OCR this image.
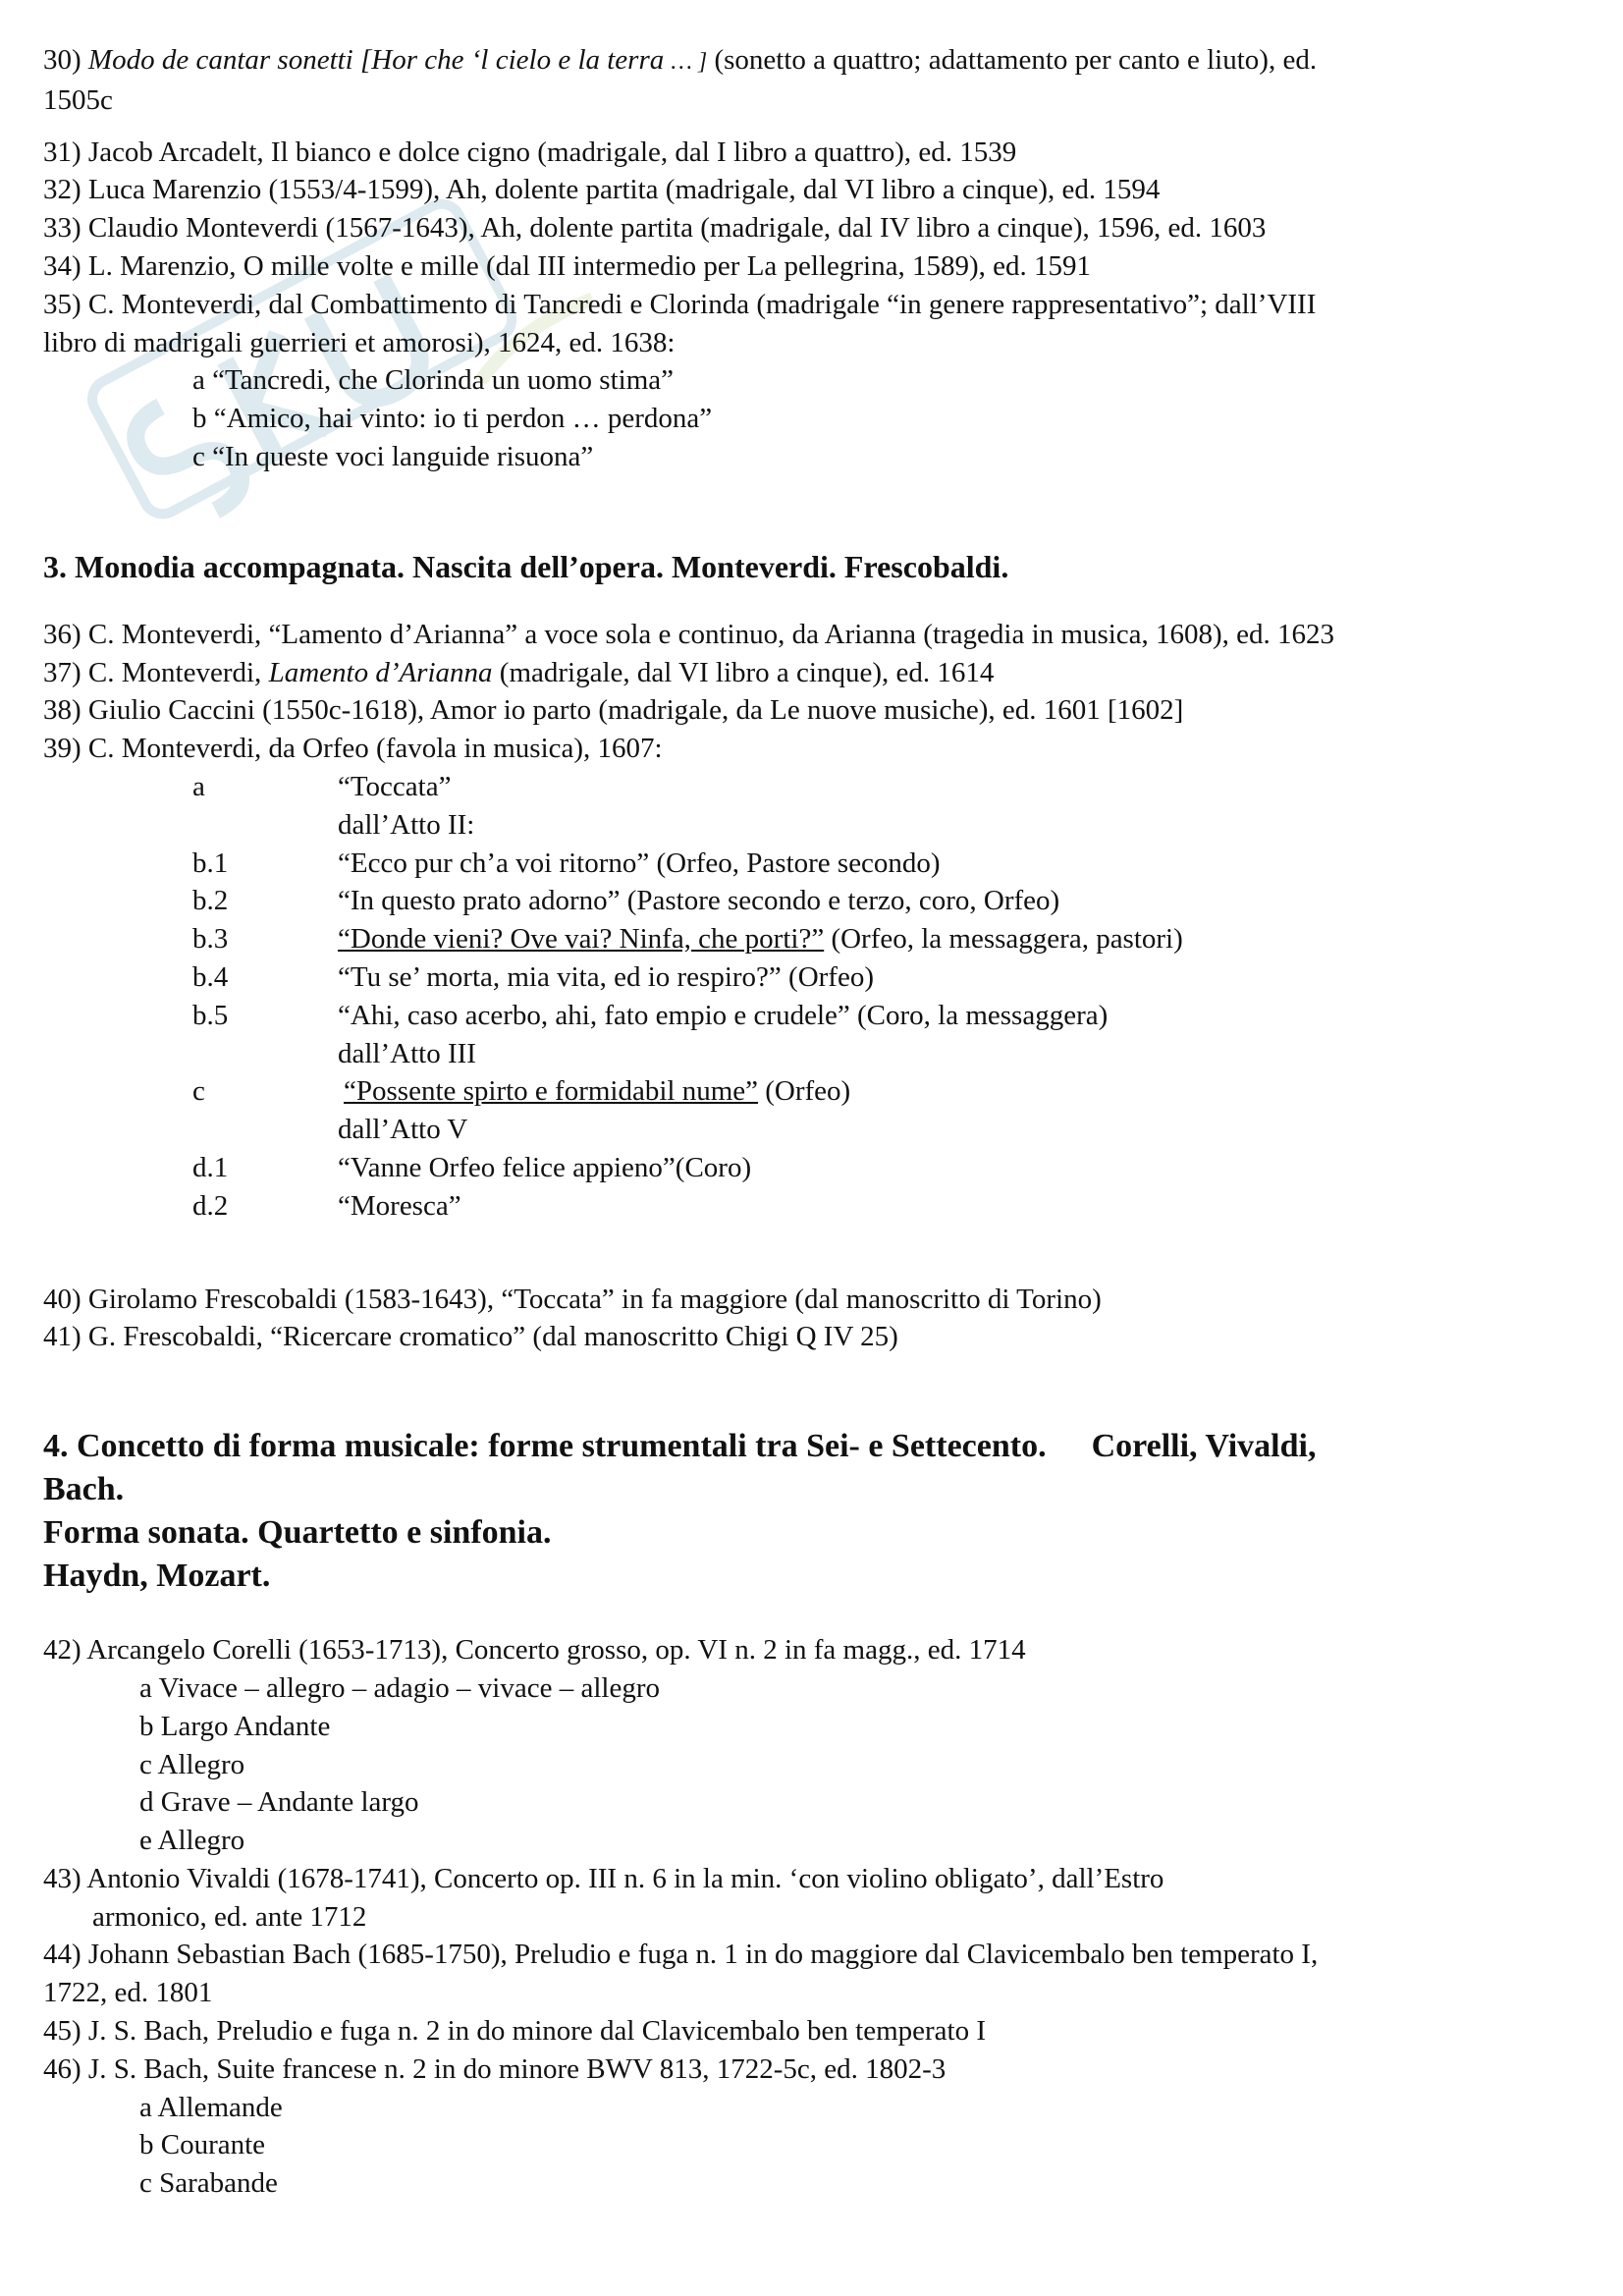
30) Modo de cantar sonetti [Hor che ‘l cielo e la terra … ] (sonetto a quattro; adattamento per canto e liuto), ed.
1505c
31) Jacob Arcadelt, Il bianco e dolce cigno (madrigale, dal I libro a quattro), ed. 1539
32) Luca Marenzio (1553/4-1599), Ah, dolente partita (madrigale, dal VI libro a cinque), ed. 1594
33) Claudio Monteverdi (1567-1643), Ah, dolente partita (madrigale, dal IV libro a cinque), 1596, ed. 1603
34) L. Marenzio, O mille volte e mille (dal III intermedio per La pellegrina, 1589), ed. 1591
35) C. Monteverdi, dal Combattimento di Tancredi e Clorinda (madrigale “in genere rappresentativo”; dall’VIII
libro di madrigali guerrieri et amorosi), 1624, ed. 1638:
a “Tancredi, che Clorinda un uomo stima”
b “Amico, hai vinto: io ti perdon … perdona”
c “In queste voci languide risuona”
3. Monodia accompagnata. Nascita dell’opera. Monteverdi. Frescobaldi.
36) C. Monteverdi, “Lamento d’Arianna” a voce sola e continuo, da Arianna (tragedia in musica, 1608), ed. 1623
37) C. Monteverdi, Lamento d’Arianna (madrigale, dal VI libro a cinque), ed. 1614
38) Giulio Caccini (1550c-1618), Amor io parto (madrigale, da Le nuove musiche), ed. 1601 [1602]
39) C. Monteverdi, da Orfeo (favola in musica), 1607:
a	“Toccata”
dall’Atto II:
b.1	“Ecco pur ch’a voi ritorno” (Orfeo, Pastore secondo)
b.2	“In questo prato adorno” (Pastore secondo e terzo, coro, Orfeo)
b.3	“Donde vieni? Ove vai? Ninfa, che porti?” (Orfeo, la messaggera, pastori)
b.4	“Tu se’ morta, mia vita, ed io respiro?” (Orfeo)
b.5	“Ahi, caso acerbo, ahi, fato empio e crudele” (Coro, la messaggera)
dall’Atto III
c	“Possente spirto e formidabil nume” (Orfeo)
dall’Atto V
d.1	“Vanne Orfeo felice appieno”(Coro)
d.2	“Moresca”
40) Girolamo Frescobaldi (1583-1643), “Toccata” in fa maggiore (dal manoscritto di Torino)
41) G. Frescobaldi, “Ricercare cromatico” (dal manoscritto Chigi Q IV 25)
4. Concetto di forma musicale: forme strumentali tra Sei- e Settecento. Corelli, Vivaldi,
Bach.
Forma sonata. Quartetto e sinfonia.
Haydn, Mozart.
42) Arcangelo Corelli (1653-1713), Concerto grosso, op. VI n. 2 in fa magg., ed. 1714
a Vivace – allegro – adagio – vivace – allegro
b Largo Andante
c Allegro
d Grave – Andante largo
e Allegro
43) Antonio Vivaldi (1678-1741), Concerto op. III n. 6 in la min. ‘con violino obligato’, dall’Estro
armonico, ed. ante 1712
44) Johann Sebastian Bach (1685-1750), Preludio e fuga n. 1 in do maggiore dal Clavicembalo ben temperato I,
1722, ed. 1801
45) J. S. Bach, Preludio e fuga n. 2 in do minore dal Clavicembalo ben temperato I
46) J. S. Bach, Suite francese n. 2 in do minore BWV 813, 1722-5c, ed. 1802-3
a Allemande
b Courante
c Sarabande
